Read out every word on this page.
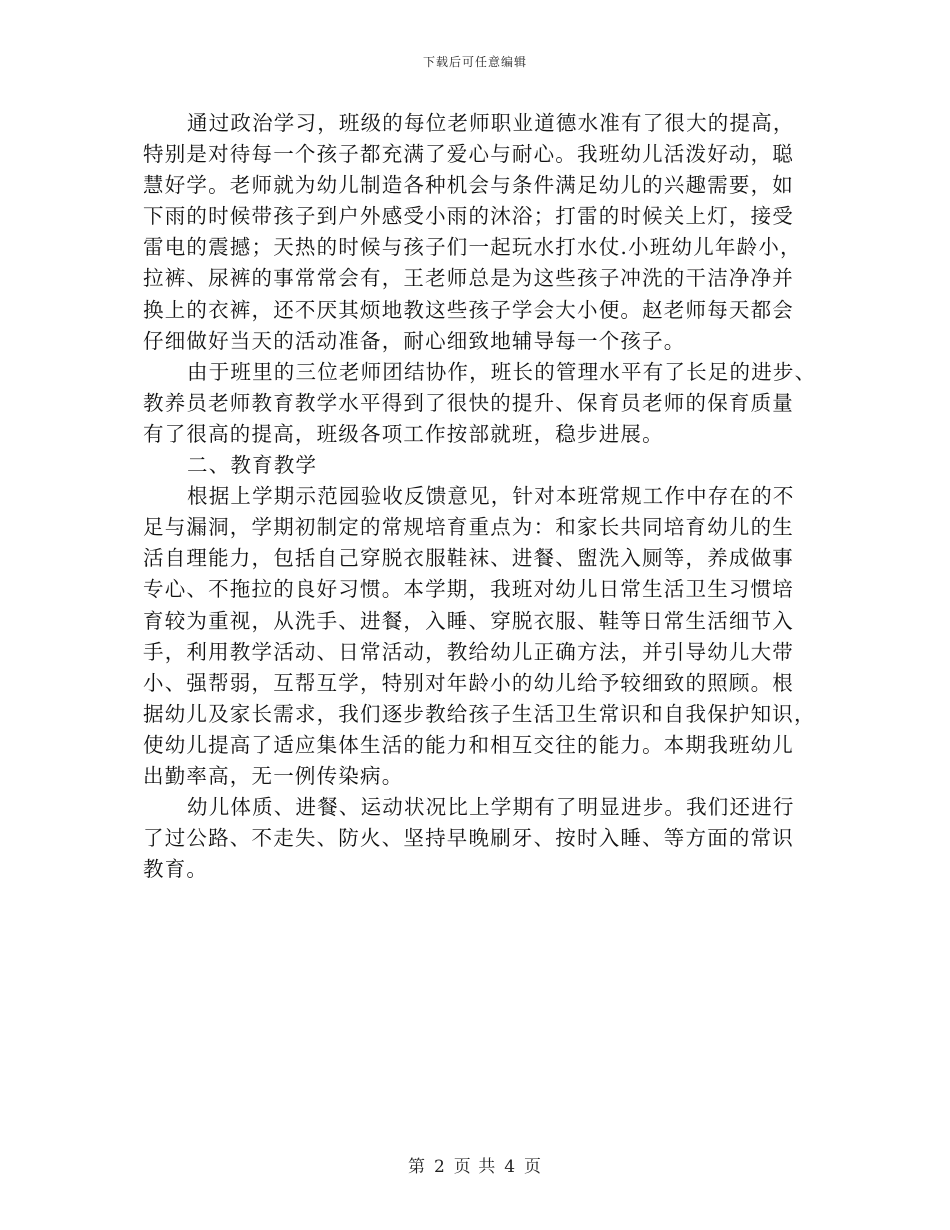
下载后可任意编辑
通过政治学习，班级的每位老师职业道德水准有了很大的提高，
特别是对待每一个孩子都充满了爱心与耐心。我班幼儿活泼好动，聪
慧好学。老师就为幼儿制造各种机会与条件满足幼儿的兴趣需要，如
下雨的时候带孩子到户外感受小雨的沐浴；打雷的时候关上灯，接受
雷电的震撼；天热的时候与孩子们一起玩水打水仗.小班幼儿年龄小，
拉裤、尿裤的事常常会有，王老师总是为这些孩子冲洗的干洁净净并
换上的衣裤，还不厌其烦地教这些孩子学会大小便。赵老师每天都会
仔细做好当天的活动准备，耐心细致地辅导每一个孩子。
由于班里的三位老师团结协作，班长的管理水平有了长足的进步、
教养员老师教育教学水平得到了很快的提升、保育员老师的保育质量
有了很高的提高，班级各项工作按部就班，稳步进展。
二、教育教学
根据上学期示范园验收反馈意见，针对本班常规工作中存在的不
足与漏洞，学期初制定的常规培育重点为：和家长共同培育幼儿的生
活自理能力，包括自己穿脱衣服鞋袜、进餐、盥洗入厕等，养成做事
专心、不拖拉的良好习惯。本学期，我班对幼儿日常生活卫生习惯培
育较为重视，从洗手、进餐，入睡、穿脱衣服、鞋等日常生活细节入
手，利用教学活动、日常活动，教给幼儿正确方法，并引导幼儿大带
小、强帮弱，互帮互学，特别对年龄小的幼儿给予较细致的照顾。根
据幼儿及家长需求，我们逐步教给孩子生活卫生常识和自我保护知识，
使幼儿提高了适应集体生活的能力和相互交往的能力。本期我班幼儿
出勤率高，无一例传染病。
幼儿体质、进餐、运动状况比上学期有了明显进步。我们还进行
了过公路、不走失、防火、坚持早晚刷牙、按时入睡、等方面的常识
教育。
第 2 页 共 4 页
